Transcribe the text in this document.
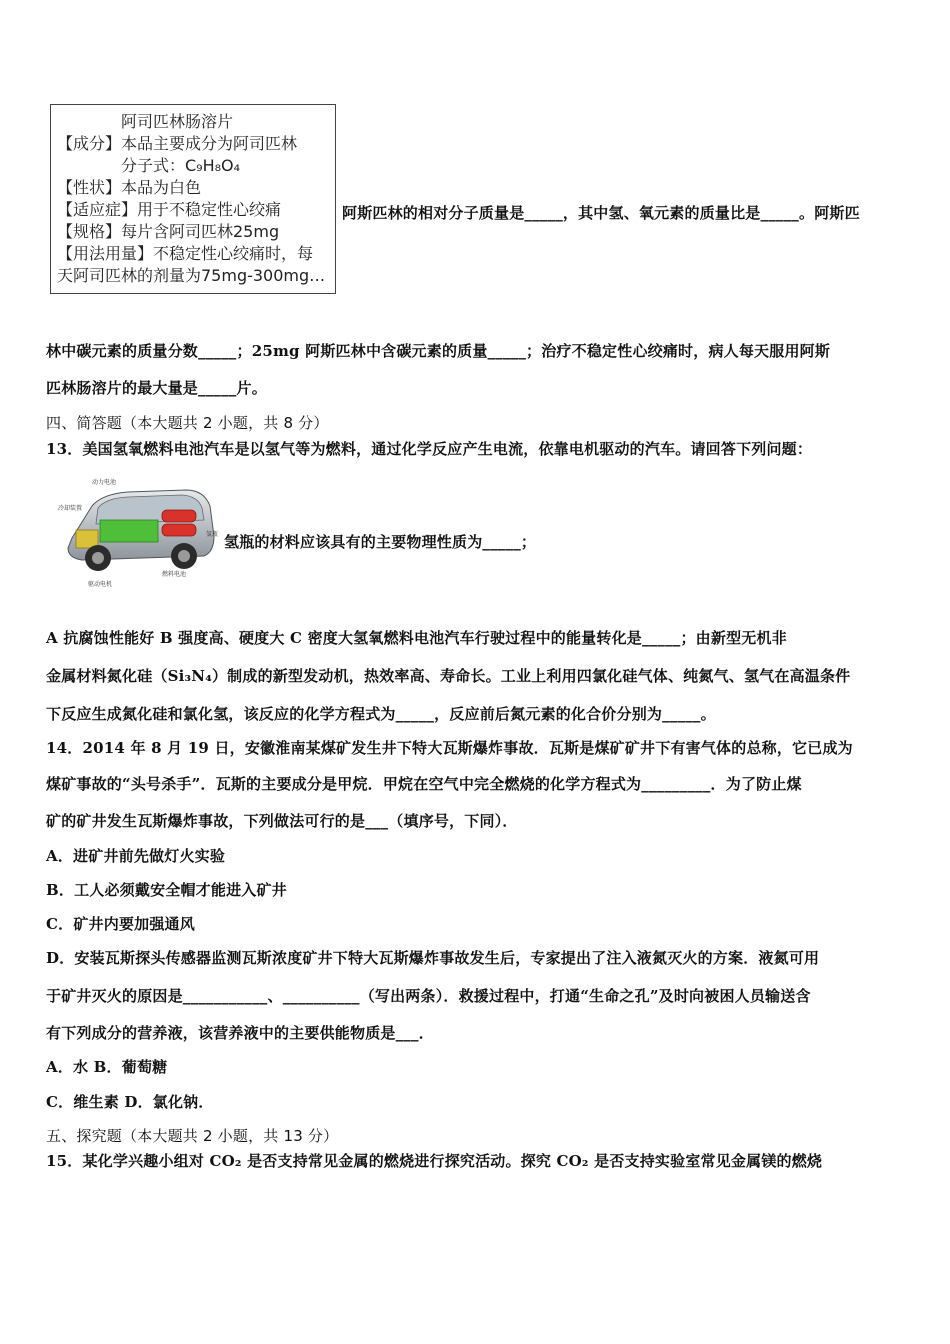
阿司匹林肠溶片
【成分】本品主要成分为阿司匹林
分子式：C₉H₈O₄
【性状】本品为白色
【适应症】用于不稳定性心绞痛
【规格】每片含阿司匹林25mg
【用法用量】不稳定性心绞痛时，每
天阿司匹林的剂量为75mg-300mg…
阿斯匹林的相对分子质量是_____，其中氢、氧元素的质量比是_____。阿斯匹
林中碳元素的质量分数_____；25mg 阿斯匹林中含碳元素的质量_____；治疗不稳定性心绞痛时，病人每天服用阿斯
匹林肠溶片的最大量是_____片。
四、简答题（本大题共 2 小题，共 8 分）
13．美国氢氧燃料电池汽车是以氢气等为燃料，通过化学反应产生电流，依靠电机驱动的汽车。请回答下列问题：
动力电池
冷却装置
氢瓶
燃料电池
驱动电机
氢瓶的材料应该具有的主要物理性质为_____；
A 抗腐蚀性能好 B 强度高、硬度大 C 密度大氢氧燃料电池汽车行驶过程中的能量转化是_____；由新型无机非
金属材料氮化硅（Si₃N₄）制成的新型发动机，热效率高、寿命长。工业上利用四氯化硅气体、纯氮气、氢气在高温条件
下反应生成氮化硅和氯化氢，该反应的化学方程式为_____，反应前后氮元素的化合价分别为_____。
14．2014 年 8 月 19 日，安徽淮南某煤矿发生井下特大瓦斯爆炸事故．瓦斯是煤矿矿井下有害气体的总称，它已成为
煤矿事故的“头号杀手”．瓦斯的主要成分是甲烷．甲烷在空气中完全燃烧的化学方程式为_________．为了防止煤
矿的矿井发生瓦斯爆炸事故，下列做法可行的是___（填序号，下同）．
A．进矿井前先做灯火实验
B．工人必须戴安全帽才能进入矿井
C．矿井内要加强通风
D．安装瓦斯探头传感器监测瓦斯浓度矿井下特大瓦斯爆炸事故发生后，专家提出了注入液氮灭火的方案．液氮可用
于矿井灭火的原因是___________、__________（写出两条）．救援过程中，打通“生命之孔”及时向被困人员输送含
有下列成分的营养液，该营养液中的主要供能物质是___．
A．水 B．葡萄糖
C．维生素 D．氯化钠．
五、探究题（本大题共 2 小题，共 13 分）
15．某化学兴趣小组对 CO₂ 是否支持常见金属的燃烧进行探究活动。探究 CO₂ 是否支持实验室常见金属镁的燃烧
